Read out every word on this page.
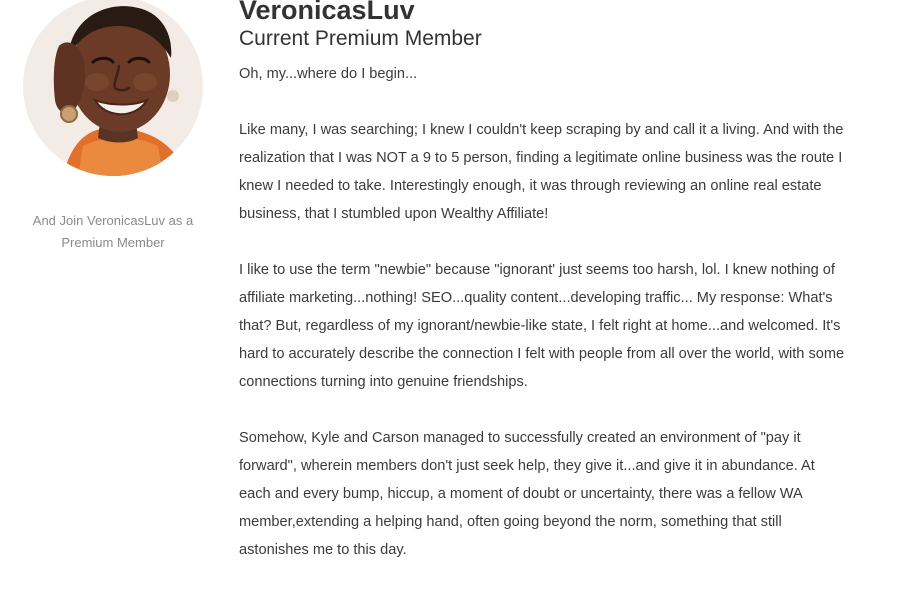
And Join VeronicasLuv as a Premium Member
VeronicasLuv
Current Premium Member

Oh, my...where do I begin...

Like many, I was searching; I knew I couldn't keep scraping by and call it a living. And with the realization that I was NOT a 9 to 5 person, finding a legitimate online business was the route I knew I needed to take. Interestingly enough, it was through reviewing an online real estate business, that I stumbled upon Wealthy Affiliate!

I like to use the term "newbie" because "ignorant' just seems too harsh, lol. I knew nothing of affiliate marketing...nothing! SEO...quality content...developing traffic... My response: What's that? But, regardless of my ignorant/newbie-like state, I felt right at home...and welcomed. It's hard to accurately describe the connection I felt with people from all over the world, with some connections turning into genuine friendships.

Somehow, Kyle and Carson managed to successfully created an environment of "pay it forward", wherein members don't just seek help, they give it...and give it in abundance. At each and every bump, hiccup, a moment of doubt or uncertainty, there was a fellow WA member,extending a helping hand, often going beyond the norm, something that still astonishes me to this day.
